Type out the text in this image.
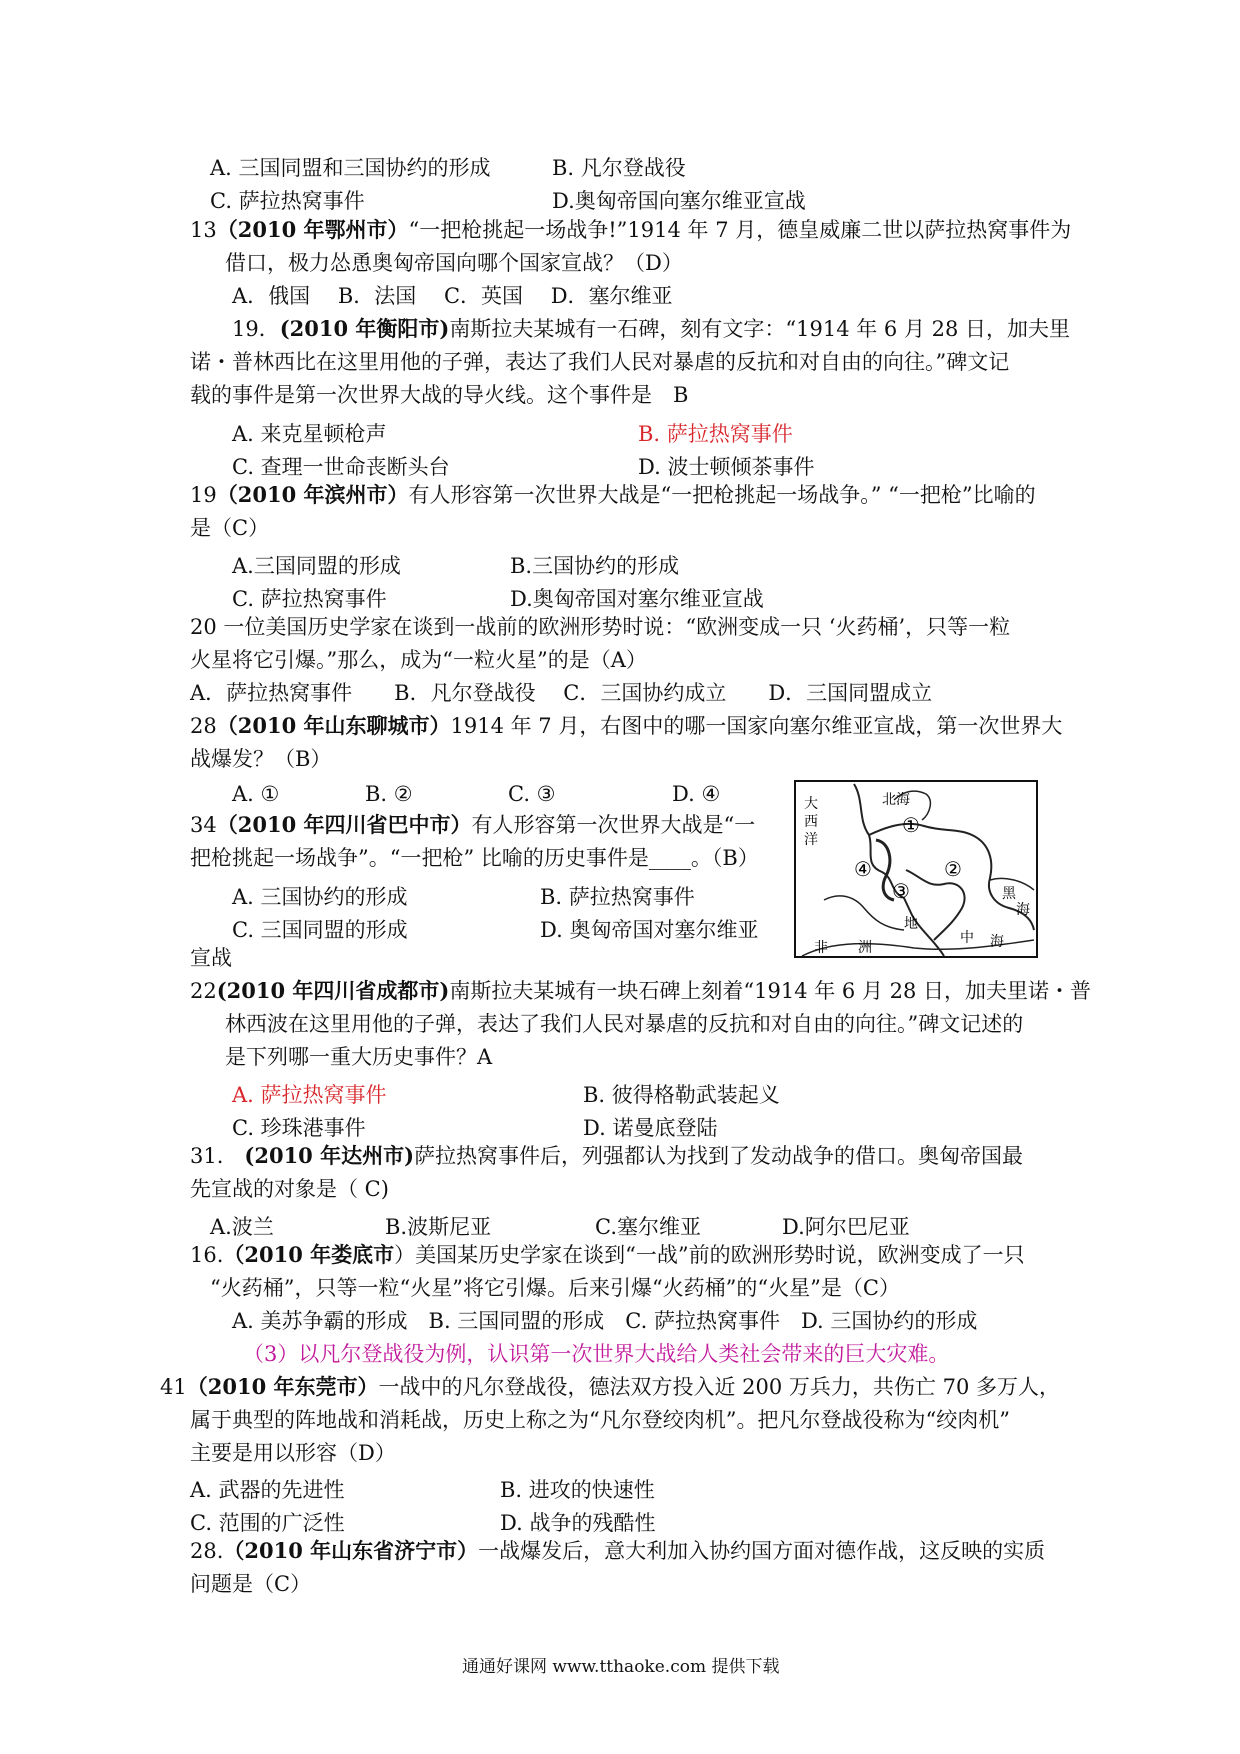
A. 三国同盟和三国协约的形成	B. 凡尔登战役
C. 萨拉热窝事件	D.奥匈帝国向塞尔维亚宣战
13（2010 年鄂州市）“一把枪挑起一场战争!”1914 年 7 月，德皇威廉二世以萨拉热窝事件为
借口，极力怂恿奥匈帝国向哪个国家宣战？（D）
A．俄国　 B．法国　 C．英国　 D．塞尔维亚
19．(2010 年衡阳市)南斯拉夫某城有一石碑，刻有文字：“1914 年 6 月 28 日，加夫里
诺・普林西比在这里用他的子弹，表达了我们人民对暴虐的反抗和对自由的向往。”碑文记
载的事件是第一次世界大战的导火线。这个事件是　B
A. 来克星顿枪声	B. 萨拉热窝事件
C. 查理一世命丧断头台	D. 波士顿倾茶事件
19（2010 年滨州市）有人形容第一次世界大战是“一把枪挑起一场战争。” “一把枪”比喻的
是（C）
A.三国同盟的形成	B.三国协约的形成
C. 萨拉热窝事件	D.奥匈帝国对塞尔维亚宣战
20 一位美国历史学家在谈到一战前的欧洲形势时说：“欧洲变成一只 ‘火药桶’，只等一粒
火星将它引爆。”那么，成为“一粒火星”的是（A）
A．萨拉热窝事件　　B．凡尔登战役　 C．三国协约成立　　D．三国同盟成立
28（2010 年山东聊城市）1914 年 7 月，右图中的哪一国家向塞尔维亚宣战，第一次世界大
战爆发？（B）
A. ①	B. ②	C. ③	D. ④
34（2010 年四川省巴中市）有人形容第一次世界大战是“一
把枪挑起一场战争”。“一把枪” 比喻的历史事件是____。（B）
A. 三国协约的形成	B. 萨拉热窝事件
C. 三国同盟的形成	D. 奥匈帝国对塞尔维亚
宣战
大
西
洋
北海
黑
海
地
中 海
非 洲
①
②
③
④
22(2010 年四川省成都市)南斯拉夫某城有一块石碑上刻着“1914 年 6 月 28 日，加夫里诺・普
林西波在这里用他的子弹，表达了我们人民对暴虐的反抗和对自由的向往。”碑文记述的
是下列哪一重大历史事件？A
A. 萨拉热窝事件	B. 彼得格勒武装起义
C. 珍珠港事件	D. 诺曼底登陆
31.　(2010 年达州市)萨拉热窝事件后，列强都认为找到了发动战争的借口。奥匈帝国最
先宣战的对象是（ C)
A.波兰	B.波斯尼亚	C.塞尔维亚	D.阿尔巴尼亚
16.（2010 年娄底市）美国某历史学家在谈到“一战”前的欧洲形势时说，欧洲变成了一只
“火药桶”，只等一粒“火星”将它引爆。后来引爆“火药桶”的“火星”是（C）
A. 美苏争霸的形成　B. 三国同盟的形成　C. 萨拉热窝事件　D. 三国协约的形成
（3）以凡尔登战役为例，认识第一次世界大战给人类社会带来的巨大灾难。
41（2010 年东莞市）一战中的凡尔登战役，德法双方投入近 200 万兵力，共伤亡 70 多万人，
属于典型的阵地战和消耗战，历史上称之为“凡尔登绞肉机”。把凡尔登战役称为“绞肉机”
主要是用以形容（D）
A. 武器的先进性	B. 进攻的快速性
C. 范围的广泛性	D. 战争的残酷性
28.（2010 年山东省济宁市）一战爆发后，意大利加入协约国方面对德作战，这反映的实质
问题是（C）
通通好课网 www.tthaoke.com 提供下载
